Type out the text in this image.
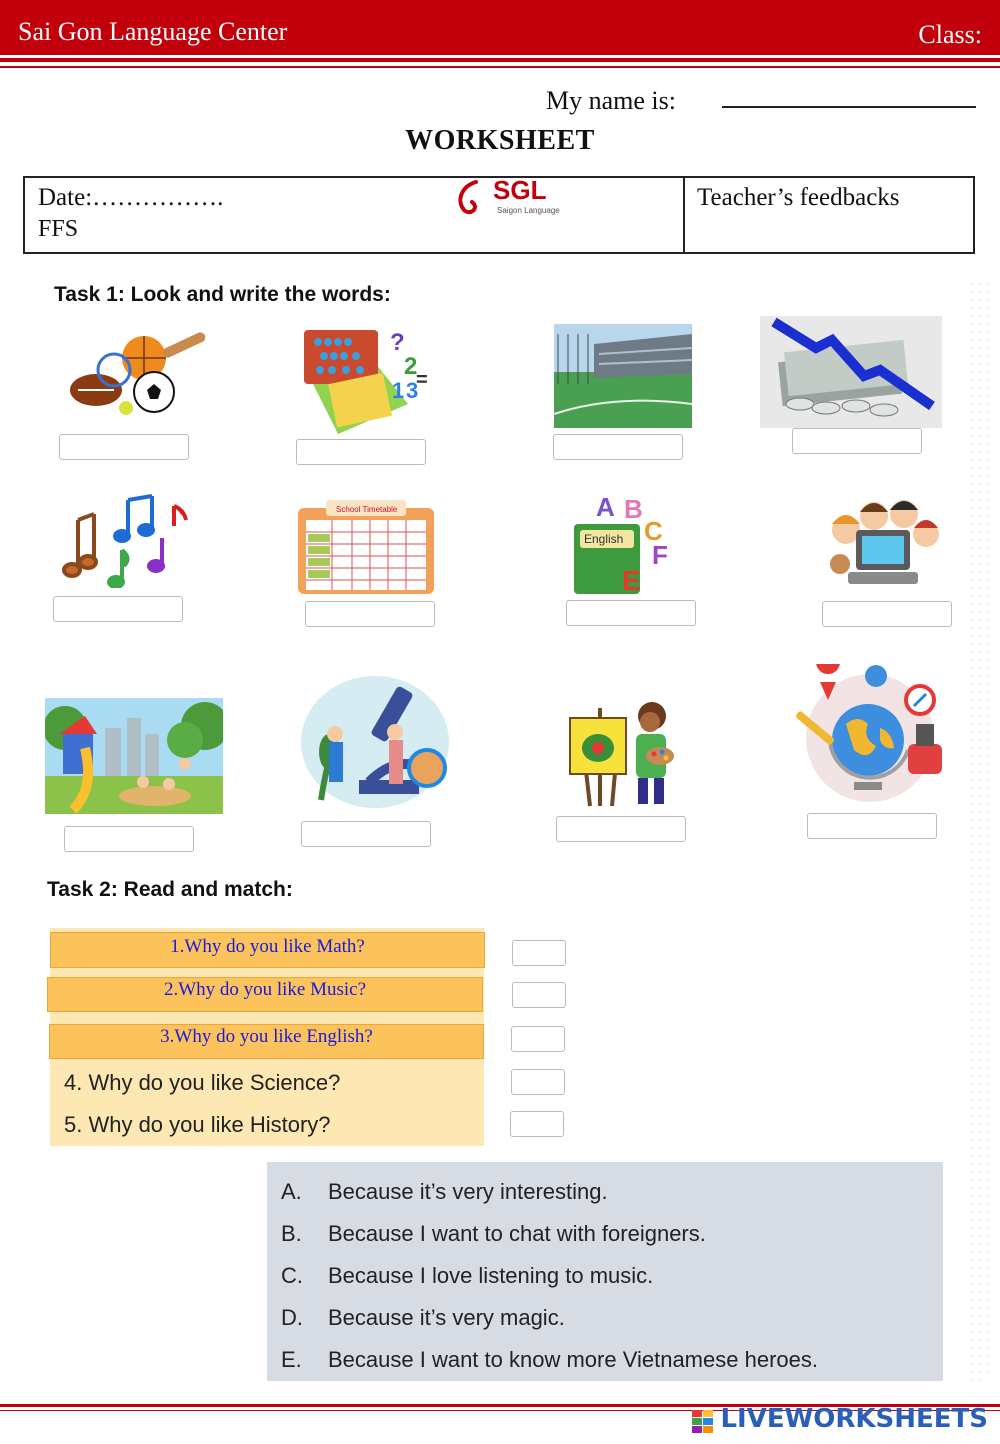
Sai Gon Language Center	Class:
My name is:
WORKSHEET
Date:…………….
FFS
Teacher’s feedbacks
SGL
Saigon Language
Task 1: Look and write the words:
?
2
1 3
=
School Timetable
English
A B
C
F
E
Task 2: Read and match:
1.Why do you like Math?
2.Why do you like Music?
3.Why do you like English?
4. Why do you like Science?
5. Why do you like History?
A. Because it’s very interesting.
B. Because I want to chat with foreigners.
C. Because I love listening to music.
D. Because it’s very magic.
E. Because I want to know more Vietnamese heroes.
LIVEWORKSHEETS
